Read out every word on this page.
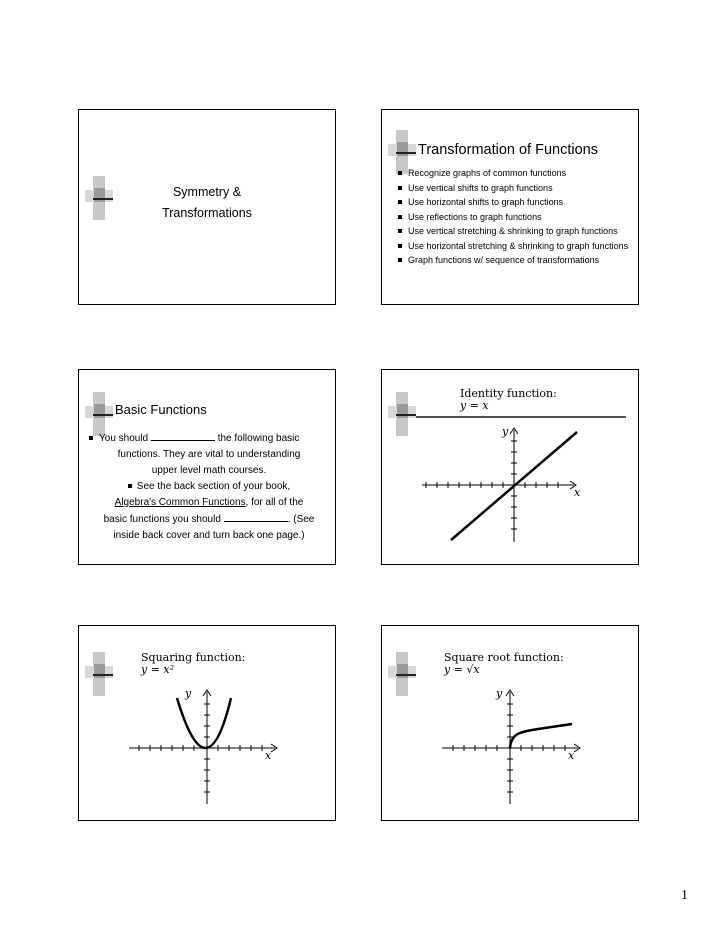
Symmetry &
Transformations
Transformation of Functions
Recognize graphs of common functions
Use vertical shifts to graph functions
Use horizontal shifts to graph functions
Use reflections to graph functions
Use vertical stretching & shrinking to graph functions
Use horizontal stretching & shrinking to graph functions
Graph functions w/ sequence of transformations
Basic Functions

You should	the following basic

functions. They are vital to understanding

upper level math courses.

See the back section of your book,

Algebra's Common Functions, for all of the

basic functions you should	. (See

inside back cover and turn back one page.)

Identity function:
y = x
y
x
Squaring function:
y = x²
y
x
Square root function:
y = √x
y
x
1
